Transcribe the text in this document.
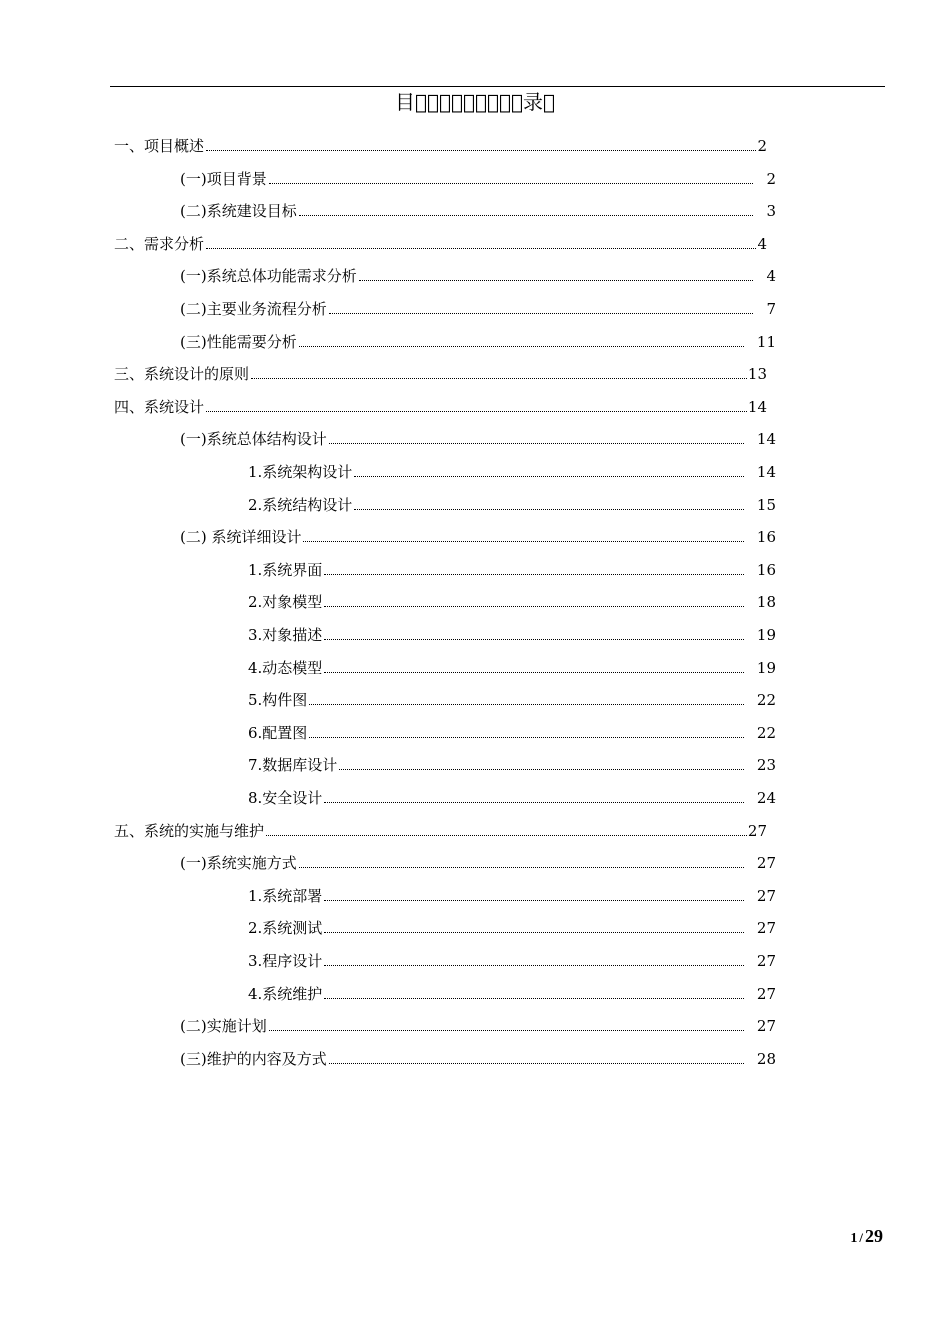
目         录 
一、项目概述	2
(一)项目背景	2
(二)系统建设目标	3
二、需求分析	4
(一)系统总体功能需求分析	4
(二)主要业务流程分析	7
(三)性能需要分析	11
三、系统设计的原则	13
四、系统设计	14
(一)系统总体结构设计	14
1.系统架构设计	14
2.系统结构设计	15
(二) 系统详细设计	16
1.系统界面	16
2.对象模型	18
3.对象描述	19
4.动态模型	19
5.构件图	22
6.配置图	22
7.数据库设计	23
8.安全设计	24
五、系统的实施与维护	27
(一)系统实施方式	27
1.系统部署	27
2.系统测试	27
3.程序设计	27
4.系统维护	27
(二)实施计划	27
(三)维护的内容及方式	28
1 / 29
